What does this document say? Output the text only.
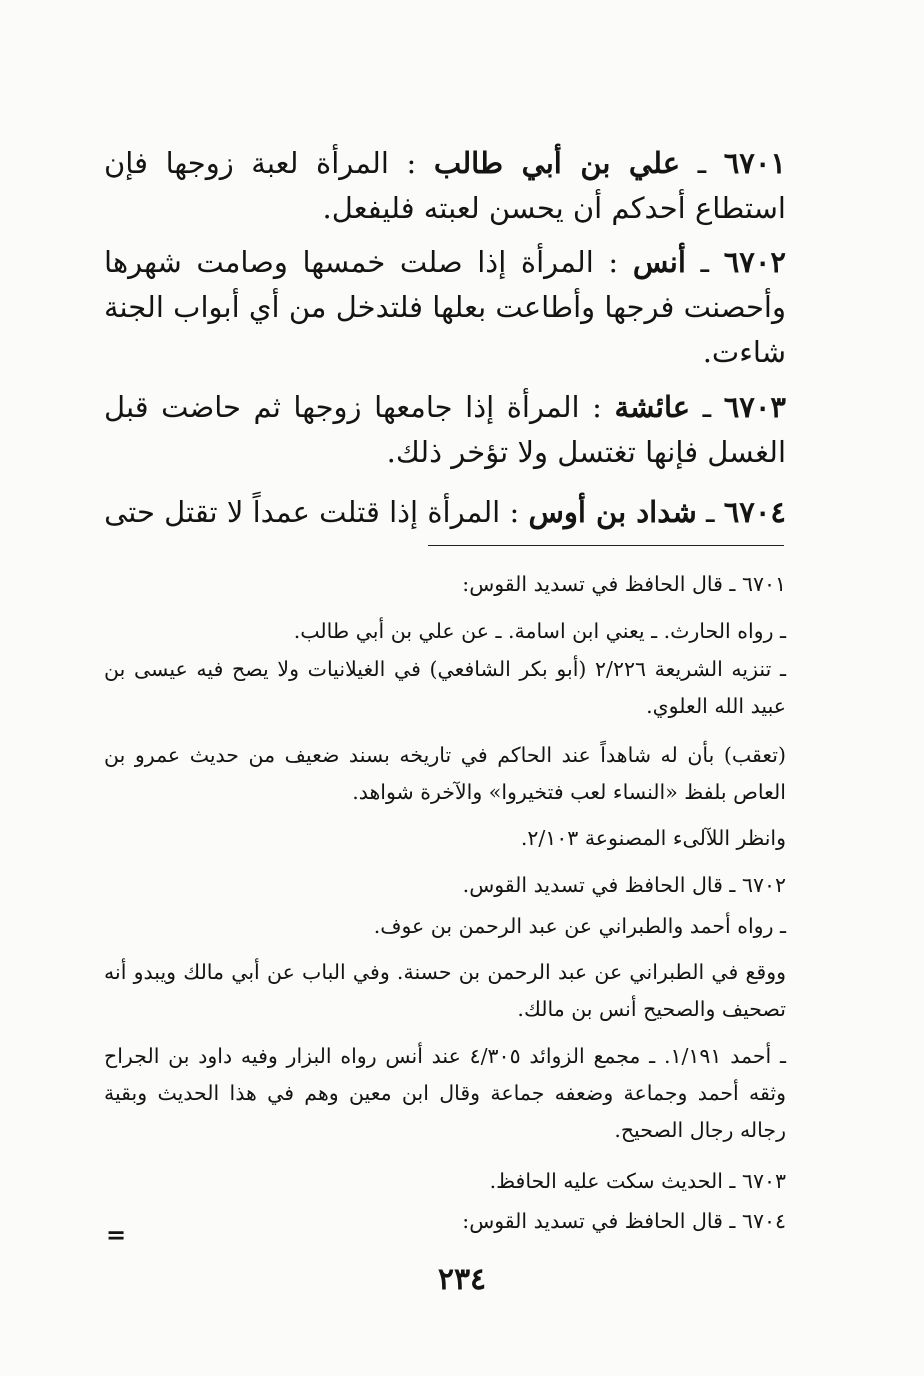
٦٧٠١ ـ علي بن أبي طالب : المرأة لعبة زوجها فإن استطاع أحدكم أن يحسن لعبته فليفعل.
٦٧٠٢ ـ أنس : المرأة إذا صلت خمسها وصامت شهرها وأحصنت فرجها وأطاعت بعلها فلتدخل من أي أبواب الجنة شاءت.
٦٧٠٣ ـ عائشة : المرأة إذا جامعها زوجها ثم حاضت قبل الغسل فإنها تغتسل ولا تؤخر ذلك.
٦٧٠٤ ـ شداد بن أوس : المرأة إذا قتلت عمداً لا تقتل حتى
٦٧٠١ ـ قال الحافظ في تسديد القوس:
ـ رواه الحارث. ـ يعني ابن اسامة. ـ عن علي بن أبي طالب.
ـ تنزيه الشريعة ٢/٢٢٦ (أبو بكر الشافعي) في الغيلانيات ولا يصح فيه عيسى بن عبيد الله العلوي.
(تعقب) بأن له شاهداً عند الحاكم في تاريخه بسند ضعيف من حديث عمرو بن العاص بلفظ «النساء لعب فتخيروا» والآخرة شواهد.
وانظر اللآلىء المصنوعة ٢/١٠٣.
٦٧٠٢ ـ قال الحافظ في تسديد القوس.
ـ رواه أحمد والطبراني عن عبد الرحمن بن عوف.
ووقع في الطبراني عن عبد الرحمن بن حسنة. وفي الباب عن أبي مالك ويبدو أنه تصحيف والصحيح أنس بن مالك.
ـ أحمد ١/١٩١. ـ مجمع الزوائد ٤/٣٠٥ عند أنس رواه البزار وفيه داود بن الجراح وثقه أحمد وجماعة وضعفه جماعة وقال ابن معين وهم في هذا الحديث وبقية رجاله رجال الصحيح.
٦٧٠٣ ـ الحديث سكت عليه الحافظ.
٦٧٠٤ ـ قال الحافظ في تسديد القوس:
=
٢٣٤
